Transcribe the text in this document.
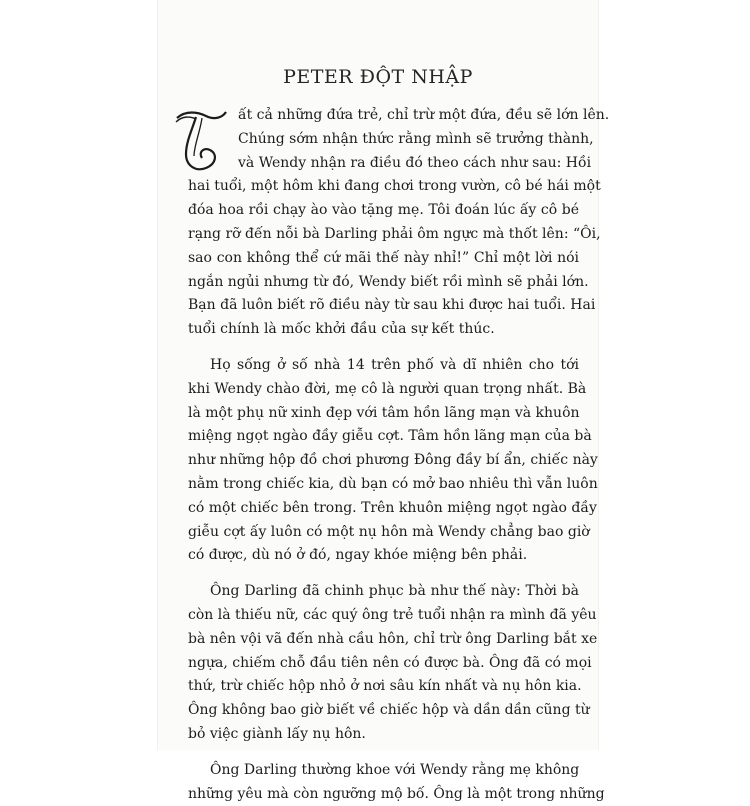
PETER ĐỘT NHẬP

ất cả những đứa trẻ, chỉ trừ một đứa, đều sẽ lớn lên.
Chúng sớm nhận thức rằng mình sẽ trưởng thành,
và Wendy nhận ra điều đó theo cách như sau: Hồi
hai tuổi, một hôm khi đang chơi trong vườn, cô bé hái một
đóa hoa rồi chạy ào vào tặng mẹ. Tôi đoán lúc ấy cô bé
rạng rỡ đến nỗi bà Darling phải ôm ngực mà thốt lên: “Ôi,
sao con không thể cứ mãi thế này nhỉ!” Chỉ một lời nói
ngắn ngủi nhưng từ đó, Wendy biết rồi mình sẽ phải lớn.
Bạn đã luôn biết rõ điều này từ sau khi được hai tuổi. Hai
tuổi chính là mốc khởi đầu của sự kết thúc.

Họ sống ở số nhà 14 trên phố và dĩ nhiên cho tới
khi Wendy chào đời, mẹ cô là người quan trọng nhất. Bà
là một phụ nữ xinh đẹp với tâm hồn lãng mạn và khuôn
miệng ngọt ngào đầy giễu cợt. Tâm hồn lãng mạn của bà
như những hộp đồ chơi phương Đông đầy bí ẩn, chiếc này
nằm trong chiếc kia, dù bạn có mở bao nhiêu thì vẫn luôn
có một chiếc bên trong. Trên khuôn miệng ngọt ngào đầy
giễu cợt ấy luôn có một nụ hôn mà Wendy chẳng bao giờ
có được, dù nó ở đó, ngay khóe miệng bên phải.

Ông Darling đã chinh phục bà như thế này: Thời bà
còn là thiếu nữ, các quý ông trẻ tuổi nhận ra mình đã yêu
bà nên vội vã đến nhà cầu hôn, chỉ trừ ông Darling bắt xe
ngựa, chiếm chỗ đầu tiên nên có được bà. Ông đã có mọi
thứ, trừ chiếc hộp nhỏ ở nơi sâu kín nhất và nụ hôn kia.
Ông không bao giờ biết về chiếc hộp và dần dần cũng từ
bỏ việc giành lấy nụ hôn.

Ông Darling thường khoe với Wendy rằng mẹ không
những yêu mà còn ngưỡng mộ bố. Ông là một trong những
